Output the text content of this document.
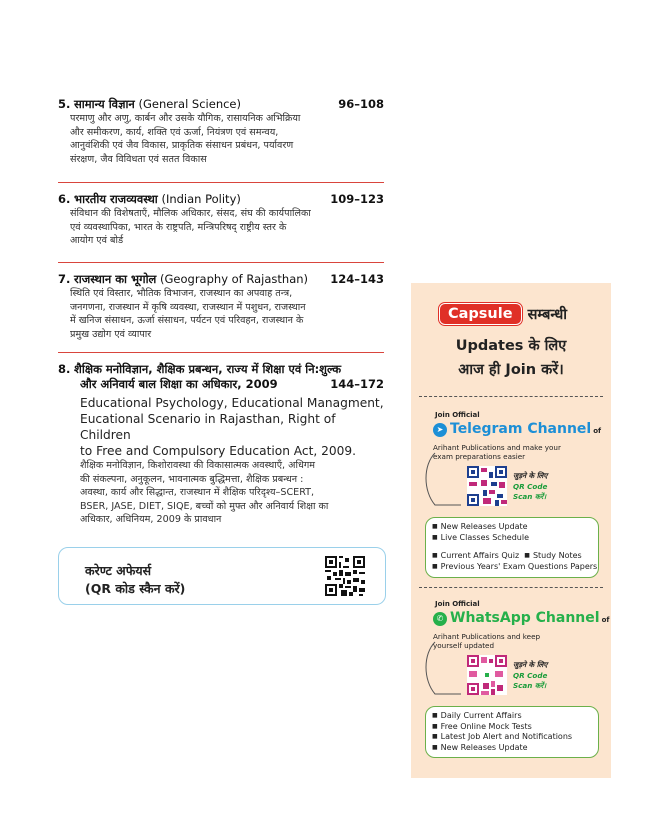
5. सामान्य विज्ञान (General Science)	96–108
परमाणु और अणु, कार्बन और उसके यौगिक, रासायनिक अभिक्रिया
और समीकरण, कार्य, शक्ति एवं ऊर्जा, नियंत्रण एवं समन्वय,
आनुवंशिकी एवं जैव विकास, प्राकृतिक संसाधन प्रबंधन, पर्यावरण
संरक्षण, जैव विविधता एवं सतत विकास
6. भारतीय राजव्यवस्था (Indian Polity)	109–123
संविधान की विशेषताएँ, मौलिक अधिकार, संसद, संघ की कार्यपालिका
एवं व्यवस्थापिका, भारत के राष्ट्रपति, मन्त्रिपरिषद् राष्ट्रीय स्तर के
आयोग एवं बोर्ड
7. राजस्थान का भूगोल (Geography of Rajasthan) 124–143
स्थिति एवं विस्तार, भौतिक विभाजन, राजस्थान का अपवाह तन्त्र,
जनगणना, राजस्थान में कृषि व्यवस्था, राजस्थान में पशुधन, राजस्थान
में खनिज संसाधन, ऊर्जा संसाधन, पर्यटन एवं परिवहन, राजस्थान के
प्रमुख उद्योग एवं व्यापार
8. शैक्षिक मनोविज्ञान, शैक्षिक प्रबन्धन, राज्य में शिक्षा एवं नि:शुल्क
और अनिवार्य बाल शिक्षा का अधिकार, 2009	144–172
Educational Psychology, Educational Managment,
Eucational Scenario in Rajasthan, Right of Children
to Free and Compulsory Education Act, 2009.
शैक्षिक मनोविज्ञान, किशोरावस्था की विकासात्मक अवस्थाएँ, अधिगम
की संकल्पना, अनुकूलन, भावनात्मक बुद्धिमत्ता, शैक्षिक प्रबन्धन :
अवस्था, कार्य और सिद्धान्त, राजस्थान में शैक्षिक परिदृश्य–SCERT,
BSER, JASE, DIET, SIQE, बच्चों को मुफ्त और अनिवार्य शिक्षा का
अधिकार, अधिनियम, 2009 के प्रावधान
करेण्ट अफेयर्स
(QR कोड स्कैन करें)
Capsule सम्बन्धी
Updates के लिए
आज ही Join करें।
Join Official
➤ Telegram Channel of
Arihant Publications and make your
exam preparations easier
जुड़ने के लिए
QR Code
Scan करें।
■ New Releases Update
■ Live Classes Schedule
■ Current Affairs Quiz ■ Study Notes
■ Previous Years' Exam Questions Papers
Join Official
✆ WhatsApp Channel of
Arihant Publications and keep
yourself updated
जुड़ने के लिए
QR Code
Scan करें।
■ Daily Current Affairs
■ Free Online Mock Tests
■ Latest Job Alert and Notifications
■ New Releases Update
